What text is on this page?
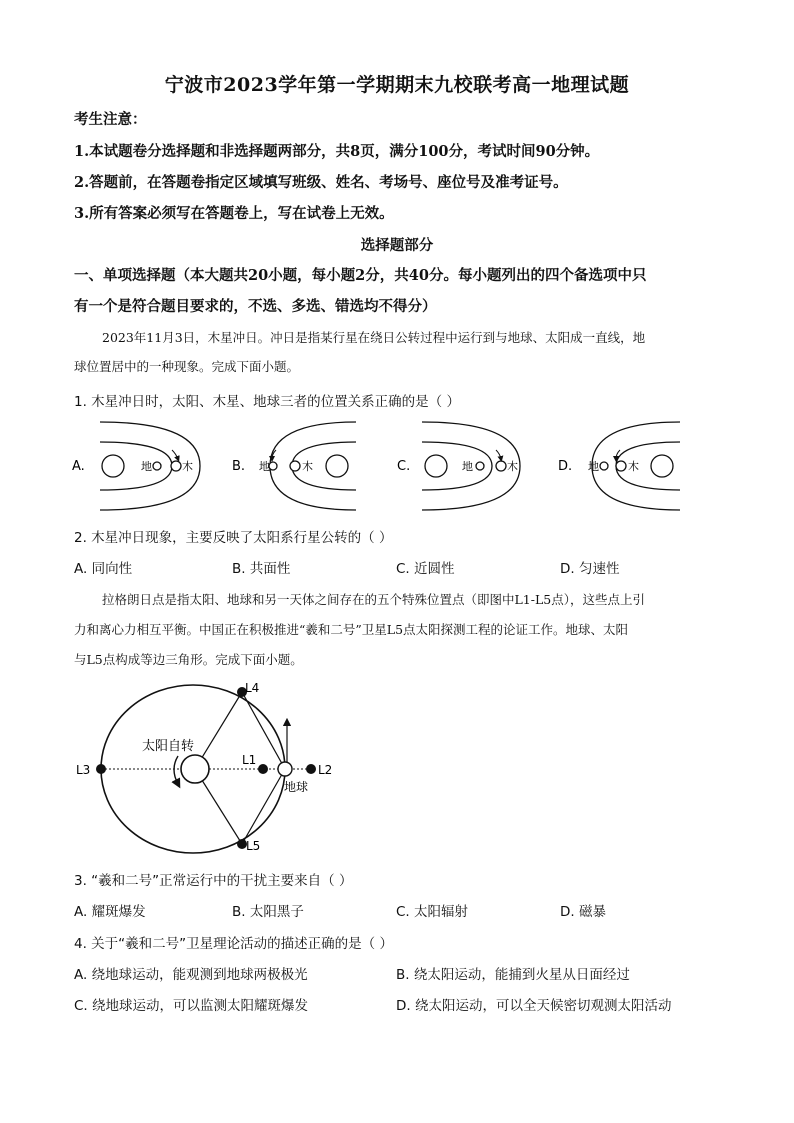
宁波市2023学年第一学期期末九校联考高一地理试题
考生注意：
1.本试题卷分选择题和非选择题两部分，共8页，满分100分，考试时间90分钟。
2.答题前，在答题卷指定区域填写班级、姓名、考场号、座位号及准考证号。
3.所有答案必须写在答题卷上，写在试卷上无效。
选择题部分
一、单项选择题（本大题共20小题，每小题2分，共40分。每小题列出的四个备选项中只
有一个是符合题目要求的，不选、多选、错选均不得分）
2023年11月3日，木星冲日。冲日是指某行星在绕日公转过程中运行到与地球、太阳成一直线，地
球位置居中的一种现象。完成下面小题。
1. 木星冲日时，太阳、木星、地球三者的位置关系正确的是（ ）
A.	地	木	B. 地	木	C.	地	木	D. 地	木
2. 木星冲日现象，主要反映了太阳系行星公转的（ ）
A. 同向性	B. 共面性	C. 近圆性	D. 匀速性
拉格朗日点是指太阳、地球和另一天体之间存在的五个特殊位置点（即图中L1-L5点），这些点上引
力和离心力相互平衡。中国正在积极推进“羲和二号”卫星L5点太阳探测工程的论证工作。地球、太阳
与L5点构成等边三角形。完成下面小题。
太阳自转
地球
L3
L4
L5
L1
L2
3. “羲和二号”正常运行中的干扰主要来自（ ）
A. 耀斑爆发	B. 太阳黑子	C. 太阳辐射	D. 磁暴
4. 关于“羲和二号”卫星理论活动的描述正确的是（ ）
A. 绕地球运动，能观测到地球两极极光	B. 绕太阳运动，能捕到火星从日面经过
C. 绕地球运动，可以监测太阳耀斑爆发	D. 绕太阳运动，可以全天候密切观测太阳活动
